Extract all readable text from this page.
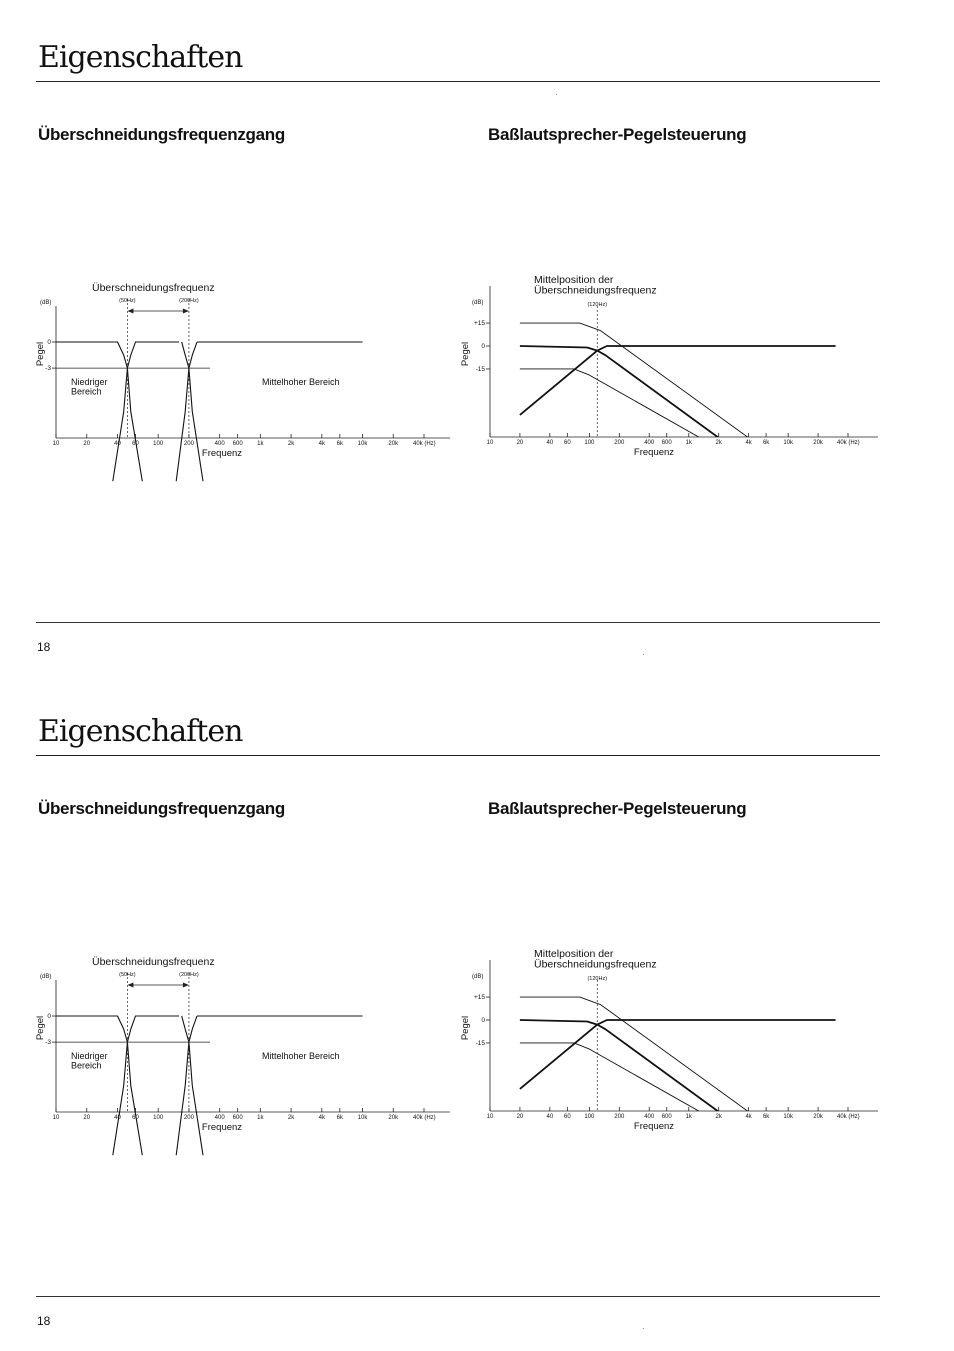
Eigenschaften
Überschneidungsfrequenzgang	Baßlautsprecher-Pegelsteuerung
(dB)
Pegel 0
-3
10	20	40 60 100	200	400 600 1k	2k	4k 6k 10k	20k 40k (Hz)
Frequenz
(50Hz)	(200Hz)
Überschneidungsfrequenz
Niedriger Bereich
Mittelhoher Bereich
(dB)
Pegel
+15
0
-15
10	20	40 60 100	200	400 600 1k	2k	4k 6k 10k	20k 40k (Hz)
Frequenz
(120Hz)
Mittelposition der Überschneidungsfrequenz
18
Eigenschaften
Überschneidungsfrequenzgang	Baßlautsprecher-Pegelsteuerung
(dB)
Pegel 0
-3
10	20	40 60 100	200	400 600 1k	2k	4k 6k 10k	20k 40k (Hz)
Frequenz
(50Hz)	(200Hz)
Überschneidungsfrequenz
Niedriger Bereich
Mittelhoher Bereich
(dB)
Pegel
+15
0
-15
10	20	40 60 100	200	400 600 1k	2k	4k 6k 10k	20k 40k (Hz)
Frequenz
(120Hz)
Mittelposition der Überschneidungsfrequenz
18
